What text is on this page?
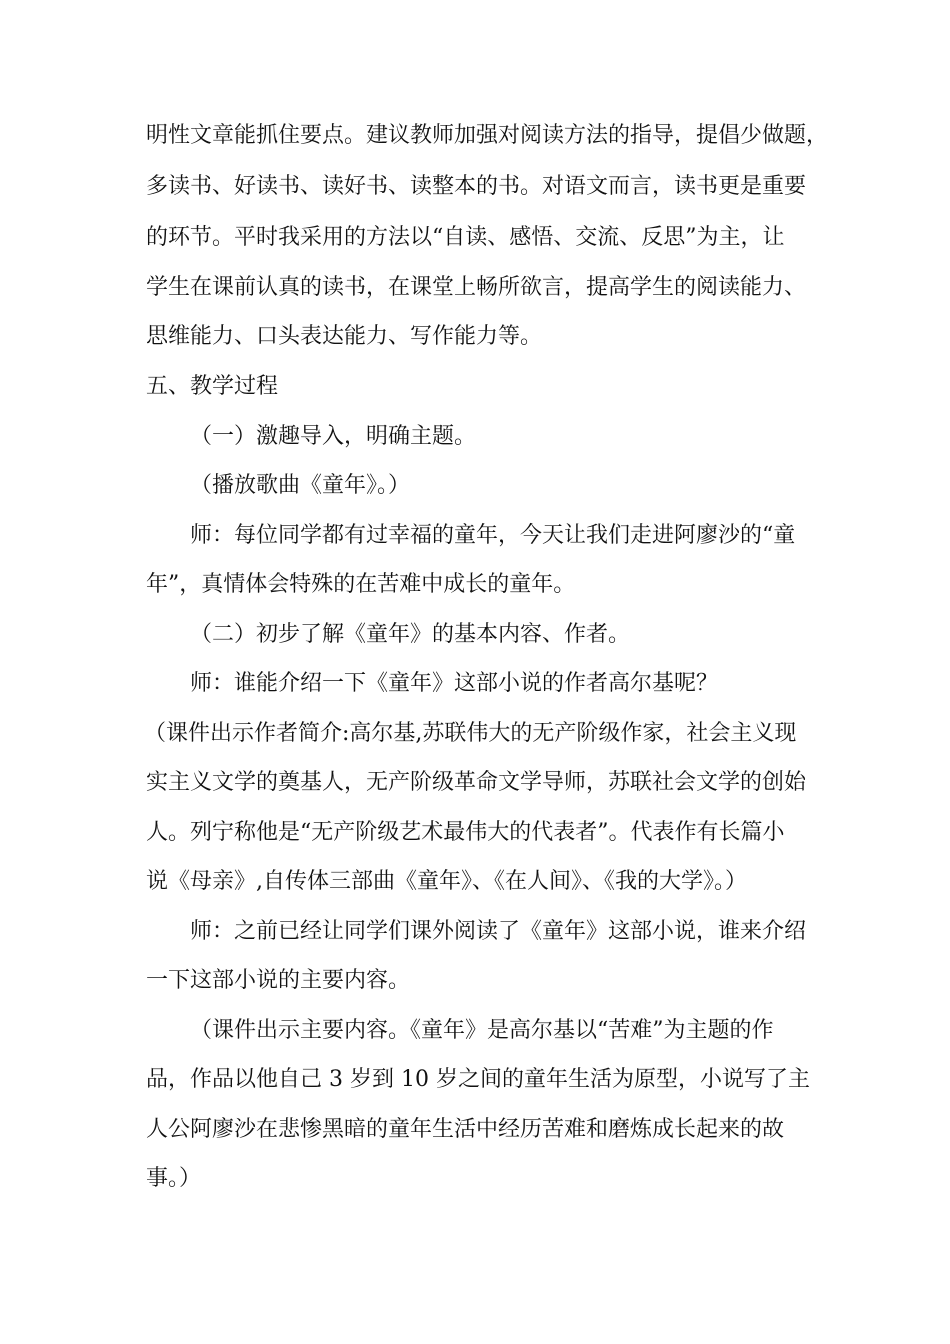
明性文章能抓住要点。建议教师加强对阅读方法的指导，提倡少做题，
多读书、好读书、读好书、读整本的书。对语文而言，读书更是重要
的环节。平时我采用的方法以“自读、感悟、交流、反思”为主，让
学生在课前认真的读书，在课堂上畅所欲言，提高学生的阅读能力、
思维能力、口头表达能力、写作能力等。
五、教学过程
（一）激趣导入，明确主题。
（播放歌曲《童年》。）
师：每位同学都有过幸福的童年，今天让我们走进阿廖沙的“童
年”，真情体会特殊的在苦难中成长的童年。
（二）初步了解《童年》的基本内容、作者。
师：谁能介绍一下《童年》这部小说的作者高尔基呢？
（课件出示作者简介:高尔基,苏联伟大的无产阶级作家，社会主义现
实主义文学的奠基人，无产阶级革命文学导师，苏联社会文学的创始
人。列宁称他是“无产阶级艺术最伟大的代表者”。代表作有长篇小
说《母亲》,自传体三部曲《童年》、《在人间》、《我的大学》。）
师：之前已经让同学们课外阅读了《童年》这部小说，谁来介绍
一下这部小说的主要内容。
（课件出示主要内容。《童年》是高尔基以“苦难”为主题的作
品，作品以他自己 3 岁到 10 岁之间的童年生活为原型，小说写了主
人公阿廖沙在悲惨黑暗的童年生活中经历苦难和磨炼成长起来的故
事。）
